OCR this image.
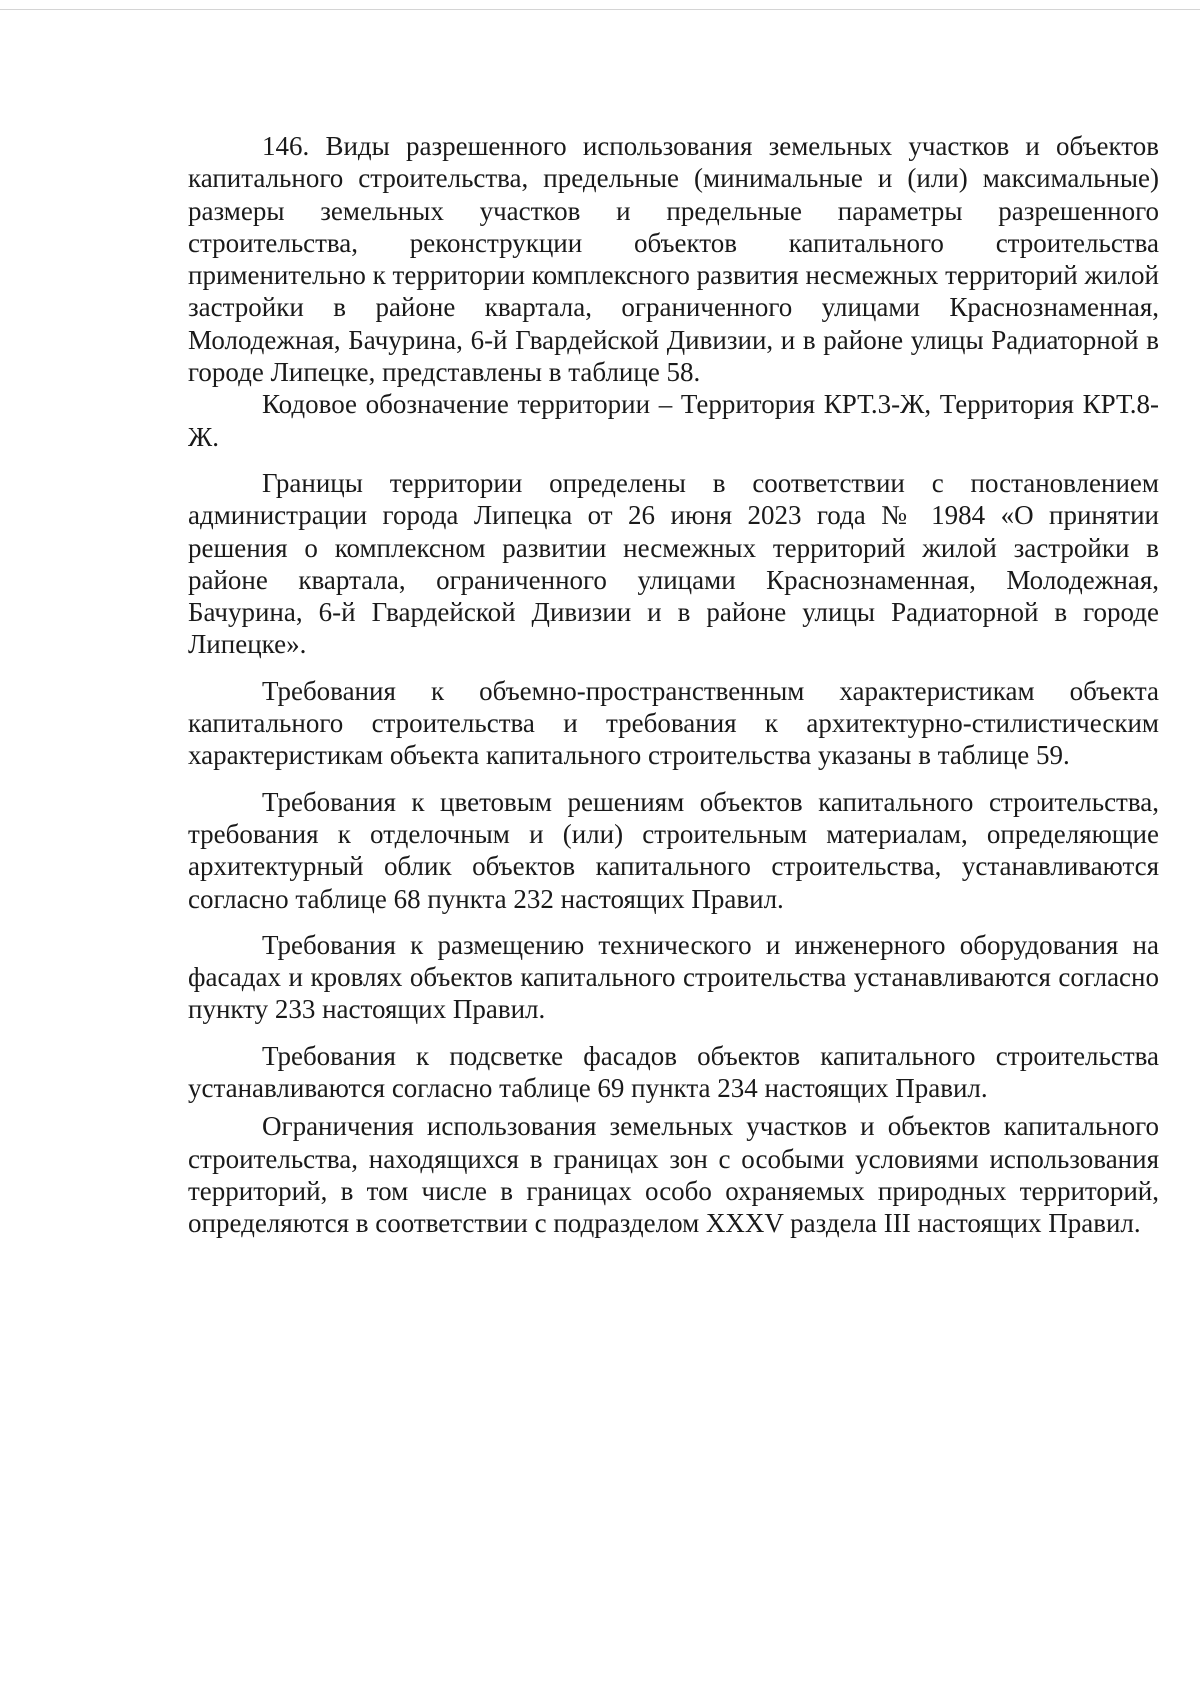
146. Виды разрешенного использования земельных участков и объектов капитального строительства, предельные (минимальные и (или) максимальные) размеры земельных участков и предельные параметры разрешенного строительства, реконструкции объектов капитального строительства применительно к территории комплексного развития несмежных территорий жилой застройки в районе квартала, ограниченного улицами Краснознаменная, Молодежная, Бачурина, 6-й Гвардейской Дивизии, и в районе улицы Радиаторной в городе Липецке, представлены в таблице 58.

Кодовое обозначение территории – Территория КРТ.3-Ж, Территория КРТ.8-Ж.

Границы территории определены в соответствии с постановлением администрации города Липецка от 26 июня 2023 года № 1984 «О принятии решения о комплексном развитии несмежных территорий жилой застройки в районе квартала, ограниченного улицами Краснознаменная, Молодежная, Бачурина, 6-й Гвардейской Дивизии и в районе улицы Радиаторной в городе Липецке».

Требования к объемно-пространственным характеристикам объекта капитального строительства и требования к архитектурно-стилистическим характеристикам объекта капитального строительства указаны в таблице 59.

Требования к цветовым решениям объектов капитального строительства, требования к отделочным и (или) строительным материалам, определяющие архитектурный облик объектов капитального строительства, устанавливаются согласно таблице 68 пункта 232 настоящих Правил.

Требования к размещению технического и инженерного оборудования на фасадах и кровлях объектов капитального строительства устанавливаются согласно пункту 233 настоящих Правил.

Требования к подсветке фасадов объектов капитального строительства устанавливаются согласно таблице 69 пункта 234 настоящих Правил.

Ограничения использования земельных участков и объектов капитального строительства, находящихся в границах зон с особыми условиями использования территорий, в том числе в границах особо охраняемых природных территорий, определяются в соответствии с подразделом XXXV раздела III настоящих Правил.
